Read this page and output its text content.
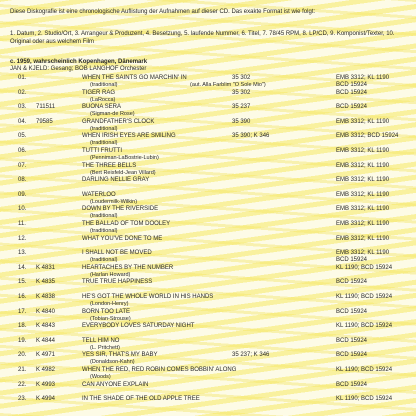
Diese Diskografie ist eine chronologische Auflistung der Aufnahmen auf dieser CD. Das exakte Format ist wie folgt:
1. Datum, 2. Studio/Ort, 3. Arrangeur & Produzent, 4. Besetzung, 5. laufende Nummer, 6. Titel, 7. 78/45 RPM, 8. LP/CD, 9. Komponist/Texter, 10. Original oder aus welchem Film
c. 1959, wahrscheinlich Kopenhagen, Dänemark
JAN & KJELD: Gesang; BOB LANGHOF Orchester
01.	WHEN THE SAINTS GO MARCHIN' IN
(traditional)
35 302	EMB 3312; KL 1190
BCD 15924
(aut. Alla Farblim "O Sole Mio")
02.	TIGER RAG
(LaRocca)
35 302	BCD 15924
03. 711511	BUONA SERA
(Sigman-de Rose)
35 237	BCD 15924
04. 79585	GRANDFATHER'S CLOCK
(traditional)
35 390	EMB 3312; KL 1190
05.	WHEN IRISH EYES ARE SMILING
(traditional)
35 390; K 346	EMB 3312; BCD 15924
06.	TUTTI FRUTTI
(Penniman-LaBostrie-Lubin)
EMB 3312; KL 1190
07.	THE THREE BELLS
(Bert Reisfeld-Jean Villard)
EMB 3312; KL 1190
08.	DARLING NELLIE GRAY	EMB 3312; KL 1190
09.	WATERLOO
(Loudermilk-Wilkin)
EMB 3312; KL 1190
10.	DOWN BY THE RIVERSIDE
(traditional)
EMB 3312; KL 1190
11.	THE BALLAD OF TOM DOOLEY
(traditional)
EMB 3312; KL 1190
12.	WHAT YOU'VE DONE TO ME	EMB 3312; KL 1190
13.	I SHALL NOT BE MOVED
(traditional)
EMB 3312; KL 1190
BCD 15924
14. K 4831	HEARTACHES BY THE NUMBER
(Harlan Howard)
KL 1190; BCD 15924
15. K 4835	TRUE TRUE HAPPINESS	BCD 15924
16. K 4838	HE'S GOT THE WHOLE WORLD IN HIS HANDS
(London-Henry)
KL 1190; BCD 15924
17. K 4840	BORN TOO LATE
(Tobian-Strouse)
BCD 15924
18. K 4843	EVERYBODY LOVES SATURDAY NIGHT	KL 1190; BCD 15924
19. K 4844	TELL HIM NO
(L. Pritchett)
BCD 15924
20. K 4971	YES SIR, THAT'S MY BABY
(Donaldson-Kahn)
35 237; K 346	BCD 15924
21. K 4982	WHEN THE RED, RED ROBIN COMES BOBBIN' ALONG
(Woods)
KL 1190; BCD 15924
22. K 4993	CAN ANYONE EXPLAIN	BCD 15924
23. K 4994	IN THE SHADE OF THE OLD APPLE TREE	KL 1190; BCD 15924
